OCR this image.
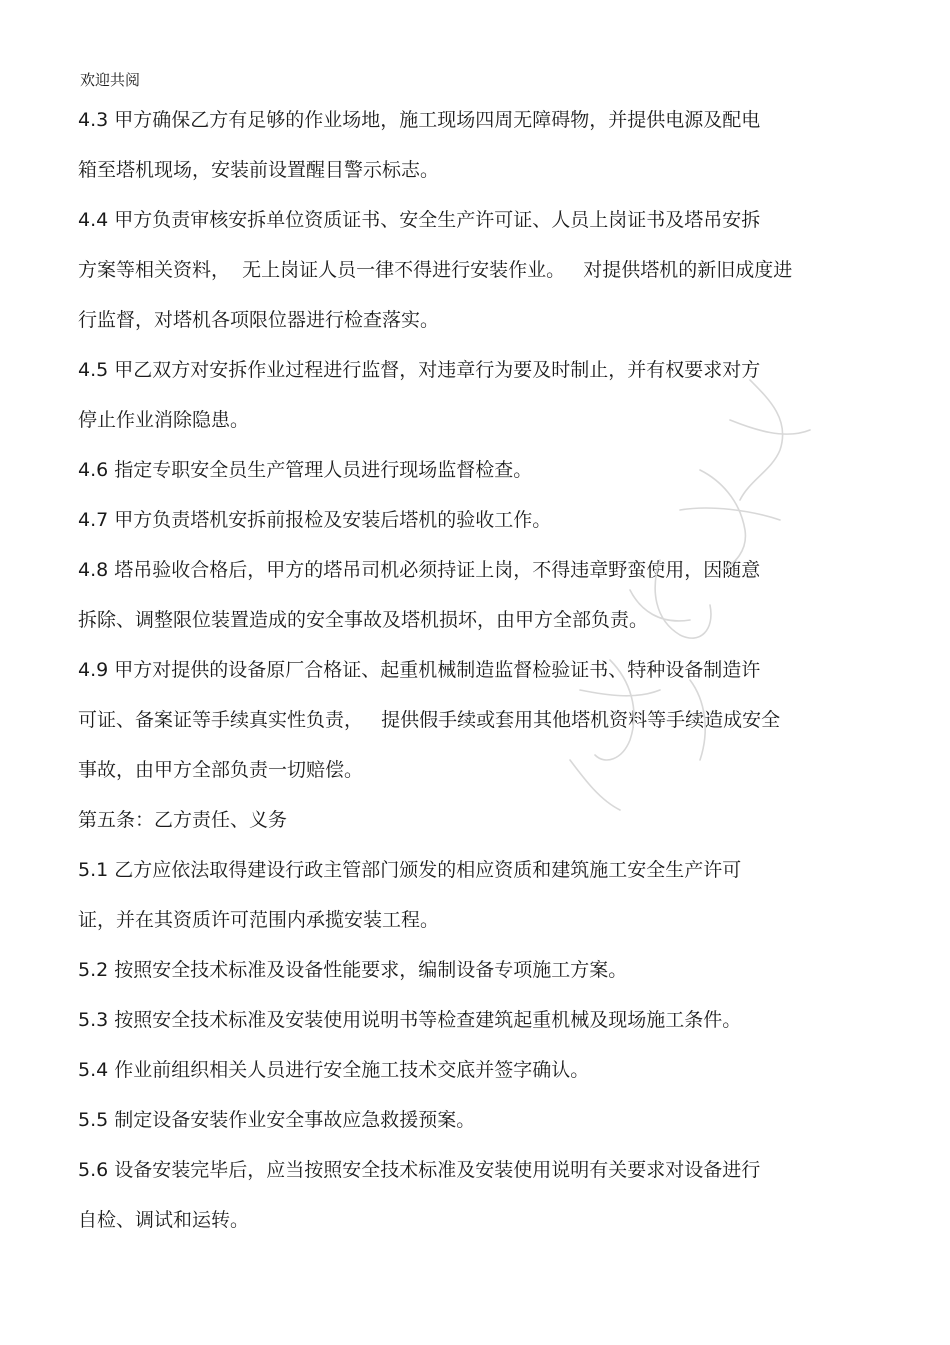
欢迎共阅
4.3 甲方确保乙方有足够的作业场地，施工现场四周无障碍物，并提供电源及配电
箱至塔机现场，安装前设置醒目警示标志。
4.4 甲方负责审核安拆单位资质证书、安全生产许可证、人员上岗证书及塔吊安拆
方案等相关资料，  无上岗证人员一律不得进行安装作业。   对提供塔机的新旧成度进
行监督，对塔机各项限位器进行检查落实。
4.5 甲乙双方对安拆作业过程进行监督，对违章行为要及时制止，并有权要求对方
停止作业消除隐患。
4.6 指定专职安全员生产管理人员进行现场监督检查。
4.7 甲方负责塔机安拆前报检及安装后塔机的验收工作。
4.8 塔吊验收合格后，甲方的塔吊司机必须持证上岗，不得违章野蛮使用，因随意
拆除、调整限位装置造成的安全事故及塔机损坏，由甲方全部负责。
4.9 甲方对提供的设备原厂合格证、起重机械制造监督检验证书、特种设备制造许
可证、备案证等手续真实性负责，   提供假手续或套用其他塔机资料等手续造成安全
事故，由甲方全部负责一切赔偿。
第五条：乙方责任、义务
5.1 乙方应依法取得建设行政主管部门颁发的相应资质和建筑施工安全生产许可
证，并在其资质许可范围内承揽安装工程。
5.2 按照安全技术标准及设备性能要求，编制设备专项施工方案。
5.3 按照安全技术标准及安装使用说明书等检查建筑起重机械及现场施工条件。
5.4 作业前组织相关人员进行安全施工技术交底并签字确认。
5.5 制定设备安装作业安全事故应急救援预案。
5.6 设备安装完毕后，应当按照安全技术标准及安装使用说明有关要求对设备进行
自检、调试和运转。
